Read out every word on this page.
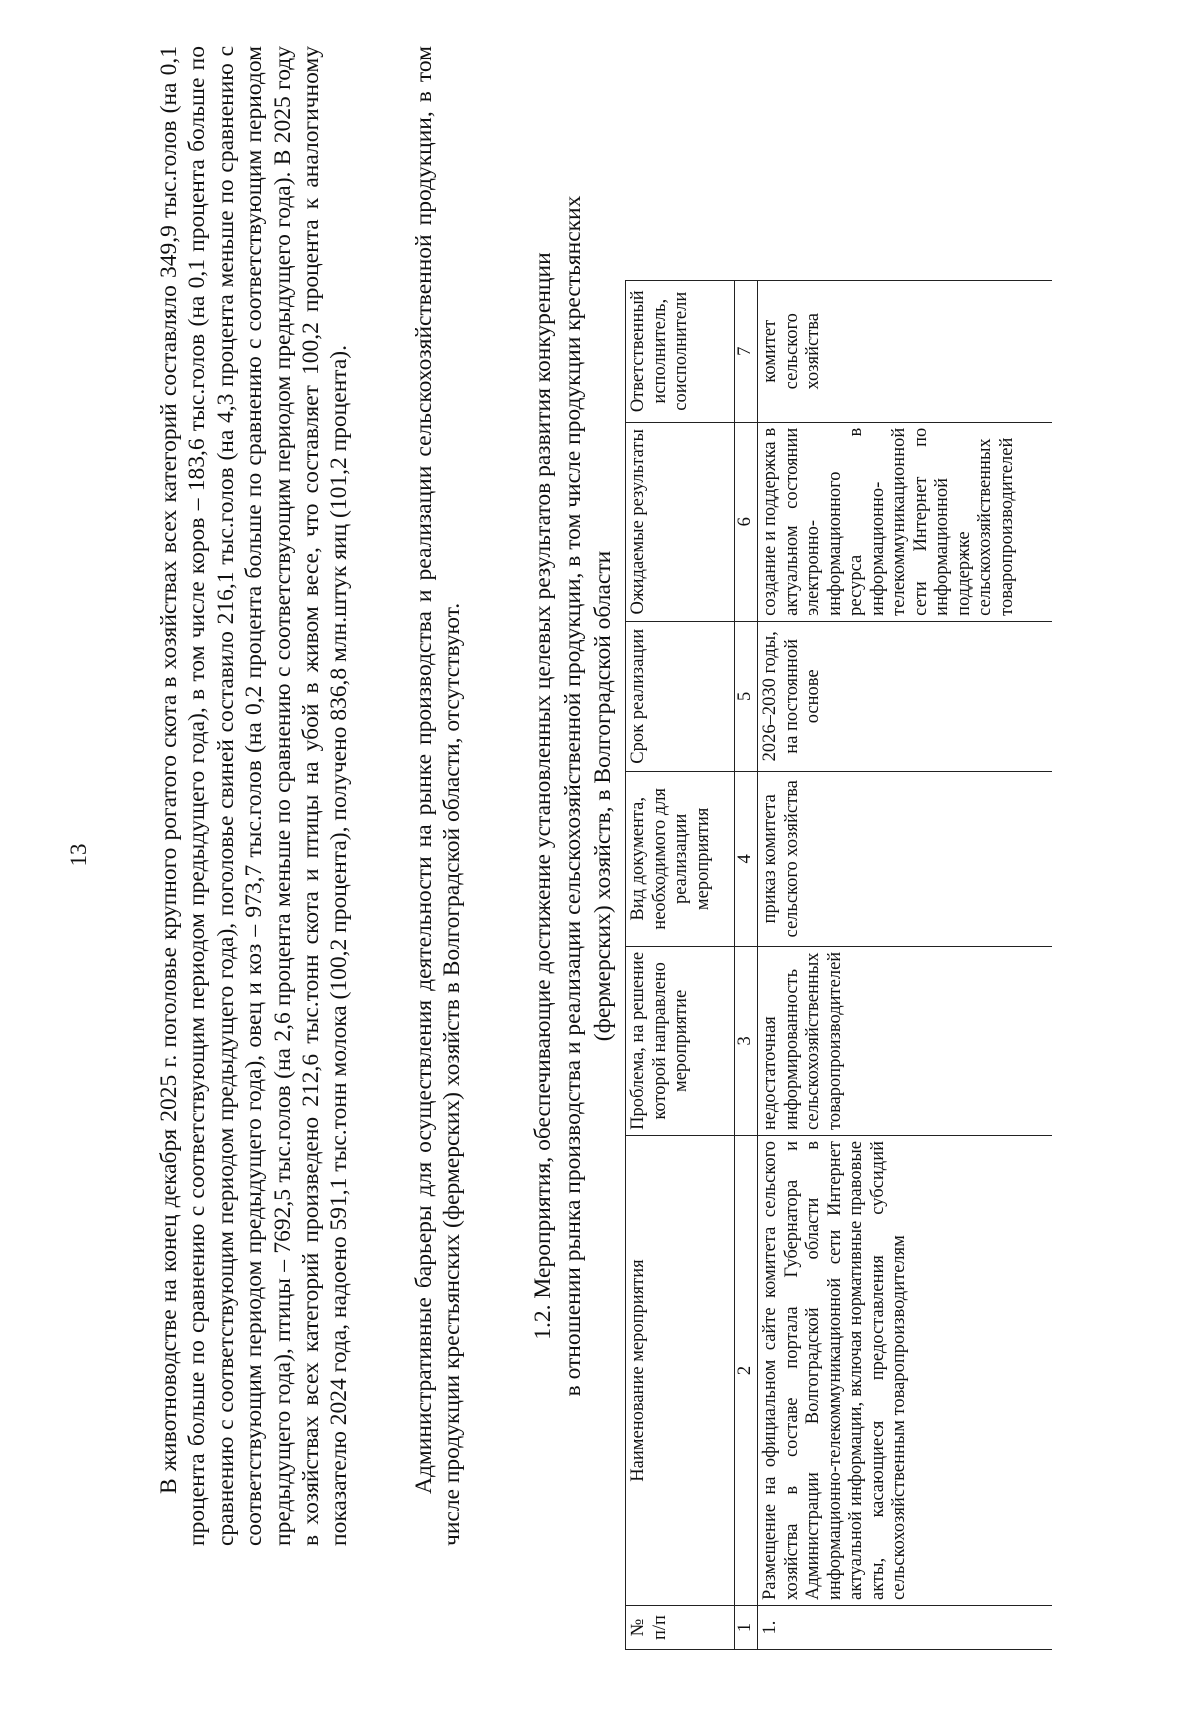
13	В животноводстве на конец декабря 2025 г. поголовье крупного рогатого скота в хозяйствах всех категорий составляло 349,9 тыс.голов (на 0,1 процента больше по сравнению с соответствующим периодом предыдущего года), в том числе коров – 183,6 тыс.голов (на 0,1 процента больше по сравнению с соответствующим периодом предыдущего года), поголовье свиней составило 216,1 тыс.голов (на 4,3 процента меньше по сравнению с соответствующим периодом предыдущего года), овец и коз – 973,7 тыс.голов (на 0,2 процента больше по сравнению с соответствующим периодом предыдущего года), птицы – 7692,5 тыс.голов (на 2,6 процента меньше по сравнению с соответствующим периодом предыдущего года). В 2025 году в хозяйствах всех категорий произведено 212,6 тыс.тонн скота и птицы на убой в живом весе, что составляет 100,2 процента к аналогичному показателю 2024 года, надоено 591,1 тыс.тонн молока (100,2 процента), получено 836,8 млн.штук яиц (101,2 процента). Административные барьеры для осуществления деятельности на рынке производства и реализации сельскохозяйственной продукции, в том числе продукции крестьянских (фермерских) хозяйств в Волгоградской области, отсутствуют.	1.2. Мероприятия, обеспечивающие достижение установленных целевых результатов развития конкуренции в отношении рынка производства и реализации сельскохозяйственной продукции, в том числе продукции крестьянских (фермерских) хозяйств, в Волгоградской области
№ п/п	Наименование мероприятия	Проблема, на решение которой направлено мероприятие	Вид документа, необходимого для реализации мероприятия	Срок реализации	Ожидаемые результаты	Ответственный исполнитель, соисполнители
1	2	3	4	5	6	7
1.	Размещение на официальном сайте комитета сельского хозяйства в составе портала Губернатора и Администрации Волгоградской области в информационно-телекоммуникационной сети Интернет актуальной информации, включая нормативные правовые акты, касающиеся предоставления субсидий сельскохозяйственным товаропроизводителям	недостаточная информированность сельскохозяйственных товаропроизводителей	приказ комитета сельского хозяйства	2026–2030 годы, на постоянной основе	создание и поддержка в актуальном состоянии электронно-информационного ресурса в информационно-телекоммуникационной сети Интернет по информационной поддержке сельскохозяйственных товаропроизводителей	комитет сельского хозяйства
